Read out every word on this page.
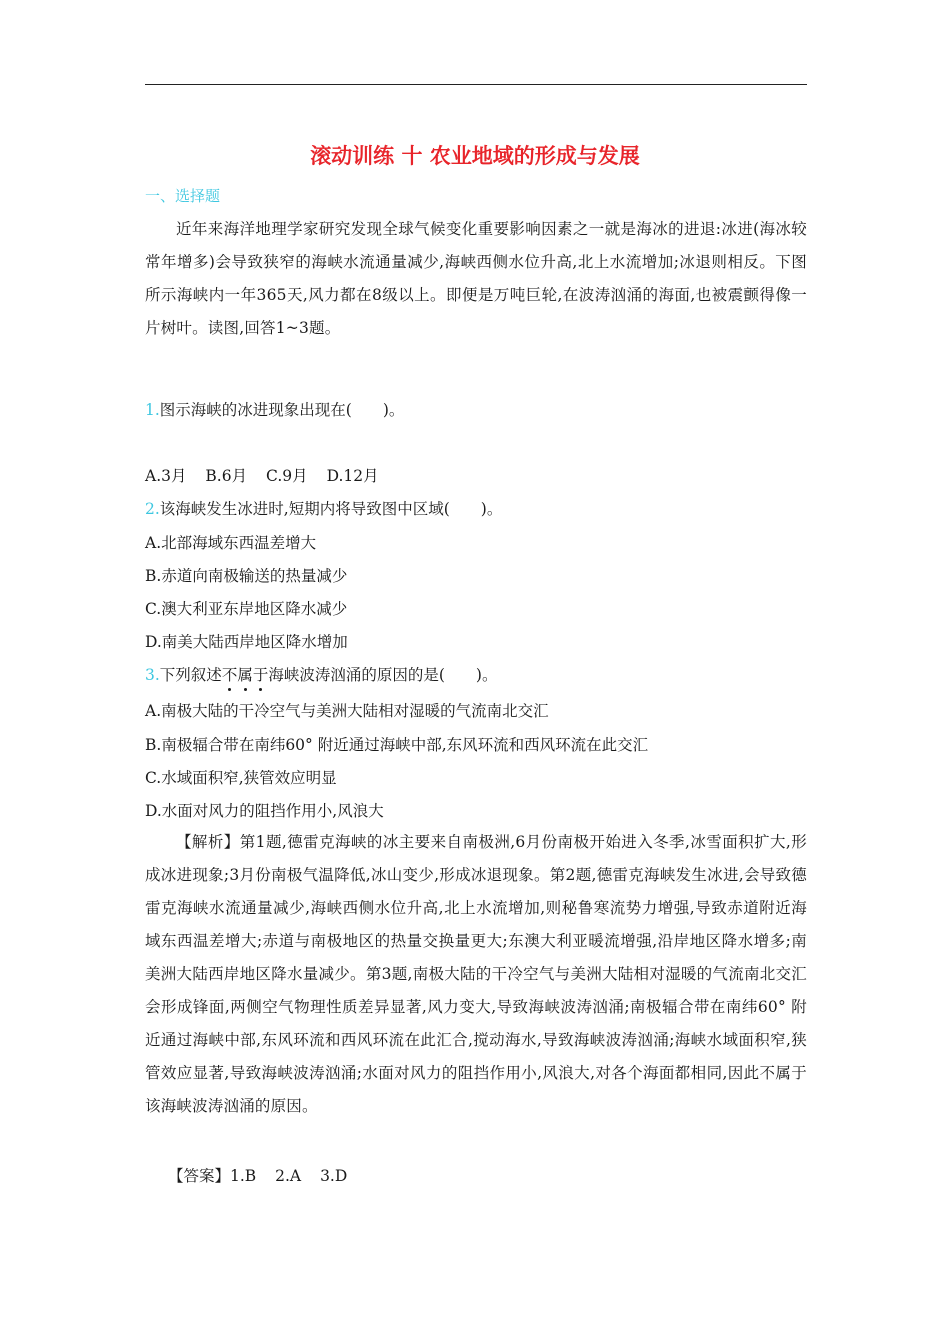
滚动训练 十 农业地域的形成与发展
一、选择题
近年来海洋地理学家研究发现全球气候变化重要影响因素之一就是海冰的进退:冰进(海冰较常年增多)会导致狭窄的海峡水流通量减少,海峡西侧水位升高,北上水流增加;冰退则相反。下图所示海峡内一年365天,风力都在8级以上。即便是万吨巨轮,在波涛汹涌的海面,也被震颤得像一片树叶。读图,回答1~3题。
1.图示海峡的冰进现象出现在(　　)。
A.3月 B.6月 C.9月 D.12月
2.该海峡发生冰进时,短期内将导致图中区域(　　)。
A.北部海域东西温差增大
B.赤道向南极输送的热量减少
C.澳大利亚东岸地区降水减少
D.南美大陆西岸地区降水增加
3.下列叙述不属于海峡波涛汹涌的原因的是(　　)。
A.南极大陆的干冷空气与美洲大陆相对湿暖的气流南北交汇
B.南极辐合带在南纬60° 附近通过海峡中部,东风环流和西风环流在此交汇
C.水域面积窄,狭管效应明显
D.水面对风力的阻挡作用小,风浪大
【解析】第1题,德雷克海峡的冰主要来自南极洲,6月份南极开始进入冬季,冰雪面积扩大,形成冰进现象;3月份南极气温降低,冰山变少,形成冰退现象。第2题,德雷克海峡发生冰进,会导致德雷克海峡水流通量减少,海峡西侧水位升高,北上水流增加,则秘鲁寒流势力增强,导致赤道附近海域东西温差增大;赤道与南极地区的热量交换量更大;东澳大利亚暖流增强,沿岸地区降水增多;南美洲大陆西岸地区降水量减少。第3题,南极大陆的干冷空气与美洲大陆相对湿暖的气流南北交汇会形成锋面,两侧空气物理性质差异显著,风力变大,导致海峡波涛汹涌;南极辐合带在南纬60° 附近通过海峡中部,东风环流和西风环流在此汇合,搅动海水,导致海峡波涛汹涌;海峡水域面积窄,狭管效应显著,导致海峡波涛汹涌;水面对风力的阻挡作用小,风浪大,对各个海面都相同,因此不属于该海峡波涛汹涌的原因。
【答案】1.B 2.A 3.D
